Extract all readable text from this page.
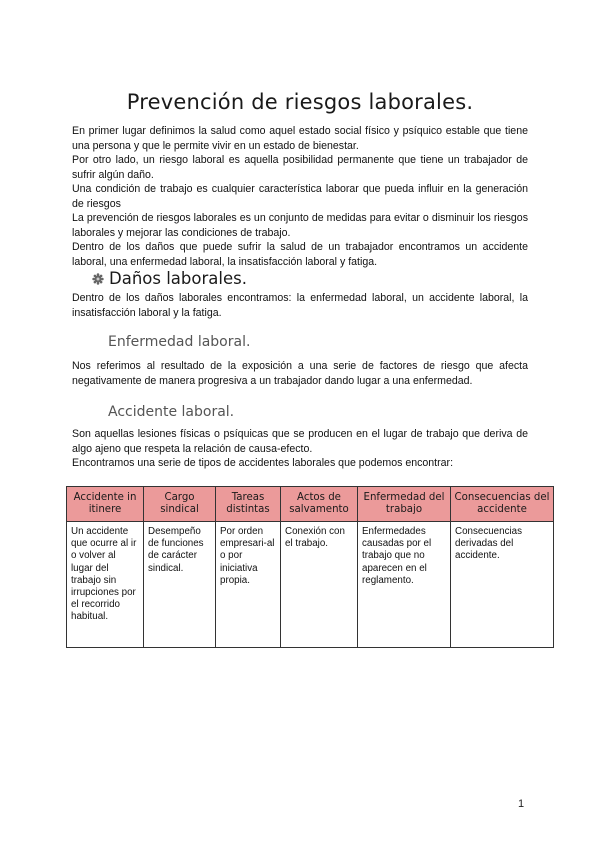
Prevención de riesgos laborales.

En primer lugar definimos la salud como aquel estado social físico y psíquico estable que tiene una persona y que le permite vivir en un estado de bienestar.

Por otro lado, un riesgo laboral es aquella posibilidad permanente que tiene un trabajador de sufrir algún daño.

Una condición de trabajo es cualquier característica laborar que pueda influir en la generación de riesgos

La prevención de riesgos laborales es un conjunto de medidas para evitar o disminuir los riesgos laborales y mejorar las condiciones de trabajo.

Dentro de los daños que puede sufrir la salud de un trabajador encontramos un accidente laboral, una enfermedad laboral, la insatisfacción laboral y fatiga.

Daños laborales.

Dentro de los daños laborales encontramos: la enfermedad laboral, un accidente laboral, la insatisfacción laboral y la fatiga.

Enfermedad laboral.

Nos referimos al resultado de la exposición a una serie de factores de riesgo que afecta negativamente de manera progresiva a un trabajador dando lugar a una enfermedad.

Accidente laboral.

Son aquellas lesiones físicas o psíquicas que se producen en el lugar de trabajo que deriva de algo ajeno que respeta la relación de causa-efecto.

Encontramos una serie de tipos de accidentes laborales que podemos encontrar:

Accidente in itinere	Cargo sindical	Tareas distintas	Actos de salvamento	Enfermedad del trabajo	Consecuencias del accidente
Un accidente que ocurre al ir o volver al lugar del trabajo sin irrupciones por el recorrido habitual.	Desempeño de funciones de carácter sindical.	Por orden empresari-al o por iniciativa propia.	Conexión con el trabajo.	Enfermedades causadas por el trabajo que no aparecen en el reglamento.	Consecuencias derivadas del accidente.
1
